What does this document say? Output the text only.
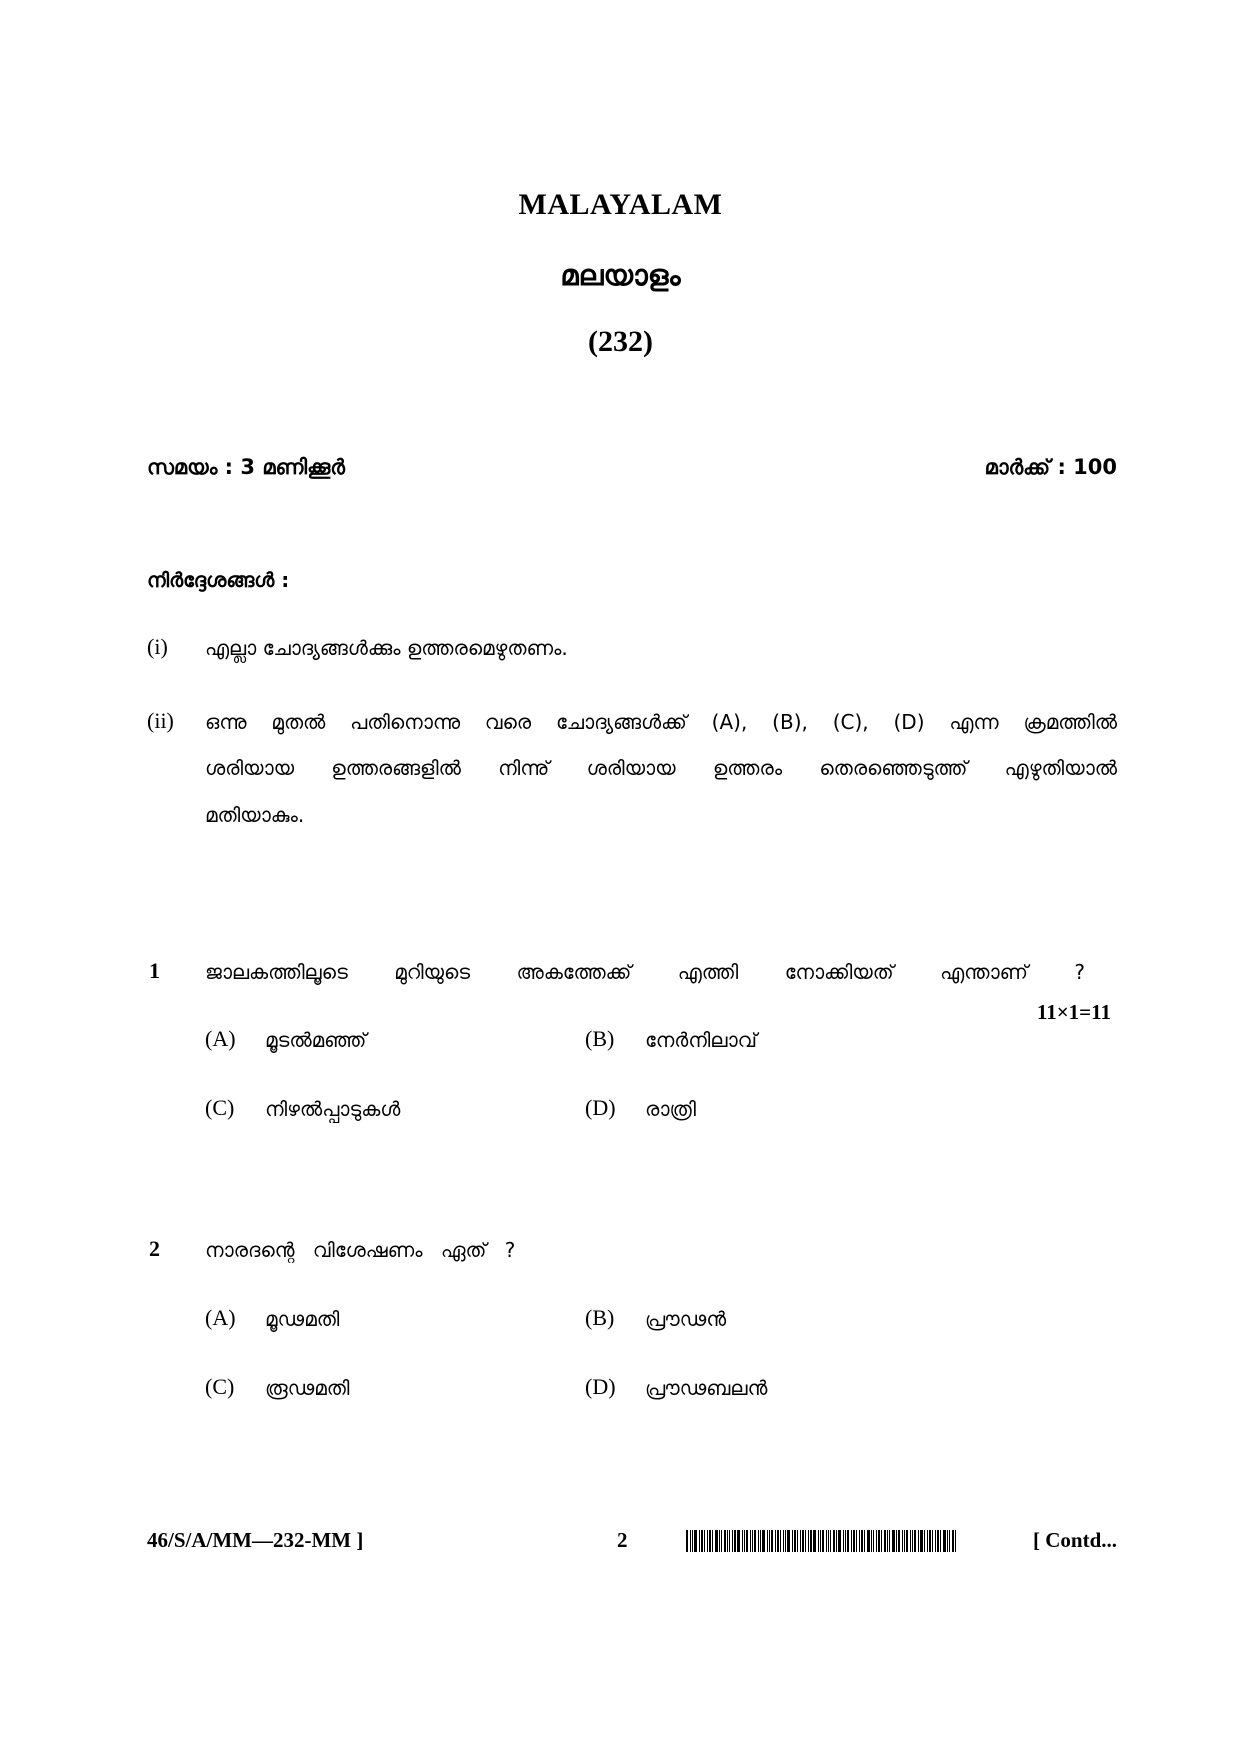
MALAYALAM
മലയാളം
(232)
സമയം : 3 മണിക്കൂർ	മാർക്ക് : 100
നിർദ്ദേശങ്ങൾ :
(i) എല്ലാ ചോദ്യങ്ങൾക്കും ഉത്തരമെഴുതണം.
(ii) ഒന്നു മുതൽ പതിനൊന്നു വരെ ചോദ്യങ്ങൾക്ക് (A), (B), (C), (D) എന്ന ക്രമത്തിൽ
ശരിയായ ഉത്തരങ്ങളിൽ നിന്നു് ശരിയായ ഉത്തരം തെരഞ്ഞെടുത്ത് എഴുതിയാൽ
മതിയാകും.
1 ജാലകത്തിലൂടെ മുറിയുടെ അകത്തേക്ക് എത്തി നോക്കിയത് എന്താണ് ?
11×1=11
(A) മൂടൽമഞ്ഞ്	(B) നേർനിലാവ്
(C) നിഴൽപ്പാടുകൾ	(D) രാത്രി
2 നാരദന്റെ വിശേഷണം ഏത് ?
(A) മൂഢമതി	(B) പ്രൗഢൻ
(C) രൂഢമതി	(D) പ്രൗഢബലൻ
46/S/A/MM—232-MM ]	2	[ Contd...
